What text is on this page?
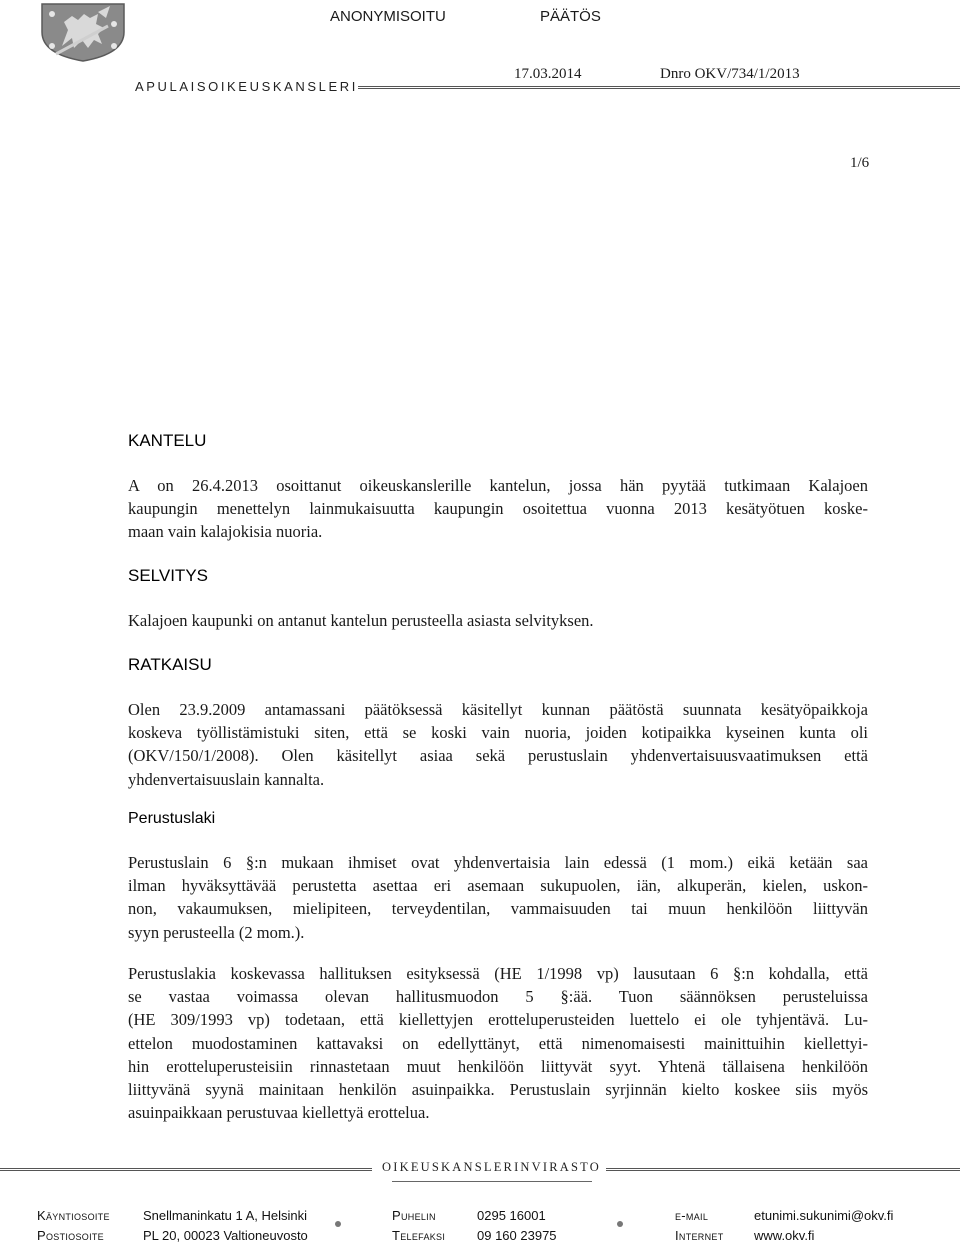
APULAISOIKEUSKANSLERI
ANONYMISOITU	PÄÄTÖS
17.03.2014	Dnro OKV/734/1/2013
1/6
KANTELU
A on 26.4.2013 osoittanut oikeuskanslerille kantelun, jossa hän pyytää tutkimaan Kalajoen
kaupungin menettelyn lainmukaisuutta kaupungin osoitettua vuonna 2013 kesätyötuen koske-
maan vain kalajokisia nuoria.
SELVITYS
Kalajoen kaupunki on antanut kantelun perusteella asiasta selvityksen.
RATKAISU
Olen 23.9.2009 antamassani päätöksessä käsitellyt kunnan päätöstä suunnata kesätyöpaikkoja
koskeva työllistämistuki siten, että se koski vain nuoria, joiden kotipaikka kyseinen kunta oli
(OKV/150/1/2008). Olen käsitellyt asiaa sekä perustuslain yhdenvertaisuusvaatimuksen että
yhdenvertaisuuslain kannalta.
Perustuslaki
Perustuslain 6 §:n mukaan ihmiset ovat yhdenvertaisia lain edessä (1 mom.) eikä ketään saa
ilman hyväksyttävää perustetta asettaa eri asemaan sukupuolen, iän, alkuperän, kielen, uskon-
non, vakaumuksen, mielipiteen, terveydentilan, vammaisuuden tai muun henkilöön liittyvän
syyn perusteella (2 mom.).
Perustuslakia koskevassa hallituksen esityksessä (HE 1/1998 vp) lausutaan 6 §:n kohdalla, että
se vastaa voimassa olevan hallitusmuodon 5 §:ää. Tuon säännöksen perusteluissa
(HE 309/1993 vp) todetaan, että kiellettyjen erotteluperusteiden luettelo ei ole tyhjentävä. Lu-
ettelon muodostaminen kattavaksi on edellyttänyt, että nimenomaisesti mainittuihin kiellettyi-
hin erotteluperusteisiin rinnastetaan muut henkilöön liittyvät syyt. Yhtenä tällaisena henkilöön
liittyvänä syynä mainitaan henkilön asuinpaikka. Perustuslain syrjinnän kielto koskee siis myös
asuinpaikkaan perustuvaa kiellettyä erottelua.
OIKEUSKANSLERINVIRASTO
Käyntiosoite	Snellmaninkatu 1 A, Helsinki
Postiosoite	PL 20, 00023 Valtioneuvosto
Puhelin	0295 16001
Telefaksi 09 160 23975
e-mail	etunimi.sukunimi@okv.fi
Internet www.okv.fi
